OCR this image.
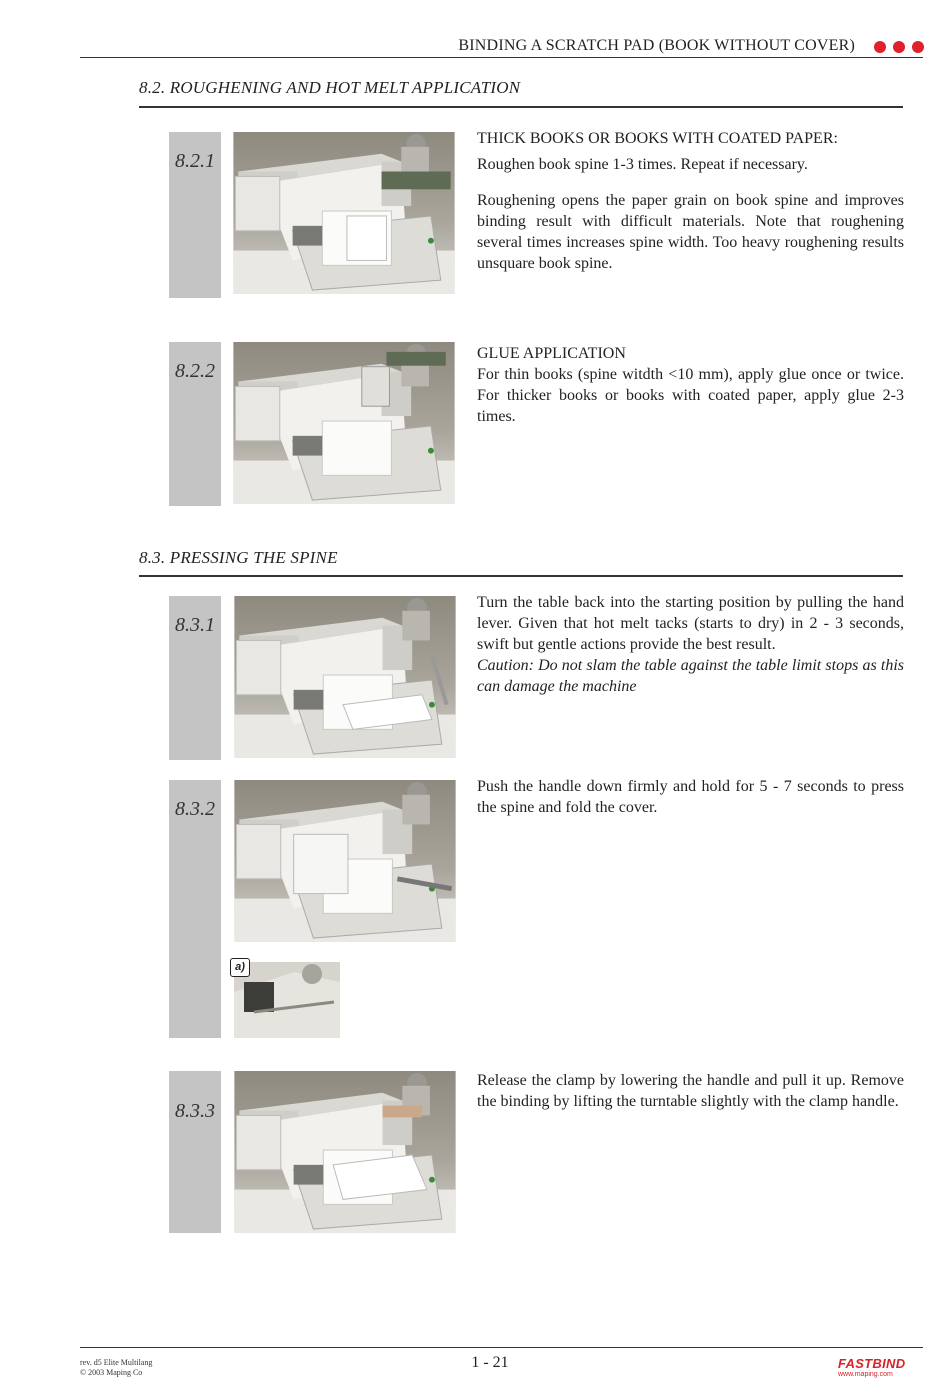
BINDING A SCRATCH PAD (BOOK WITHOUT COVER)
8.2. ROUGHENING AND HOT MELT APPLICATION
8.2.1

THICK BOOKS OR BOOKS WITH COATED PAPER:

Roughen book spine 1-3 times. Repeat if necessary.

Roughening opens the paper grain on book spine and improves binding result with difficult materials. Note that roughening several times increases spine width. Too heavy roughening results unsquare book spine.

8.2.2

GLUE APPLICATION

For thin books (spine witdth <10 mm), apply glue once or twice. For thicker books or books with coated paper, apply glue 2-3 times.

8.3. PRESSING THE SPINE
8.3.1

Turn the table back into the starting position by pulling the hand lever. Given that hot melt tacks (starts to dry) in 2 - 3 seconds, swift but gentle actions provide the best result.

Caution: Do not slam the table against the table limit stops as this can damage the machine

8.3.2
a)

Push the handle down firmly and hold for 5 - 7 seconds to press the spine and fold the cover.

8.3.3

Release the clamp by lowering the handle and pull it up. Remove the binding by lifting the turntable slightly with the clamp handle.

rev. d5 Elite Multilang
© 2003 Maping Co
1 - 21	FASTBIND
www.maping.com
